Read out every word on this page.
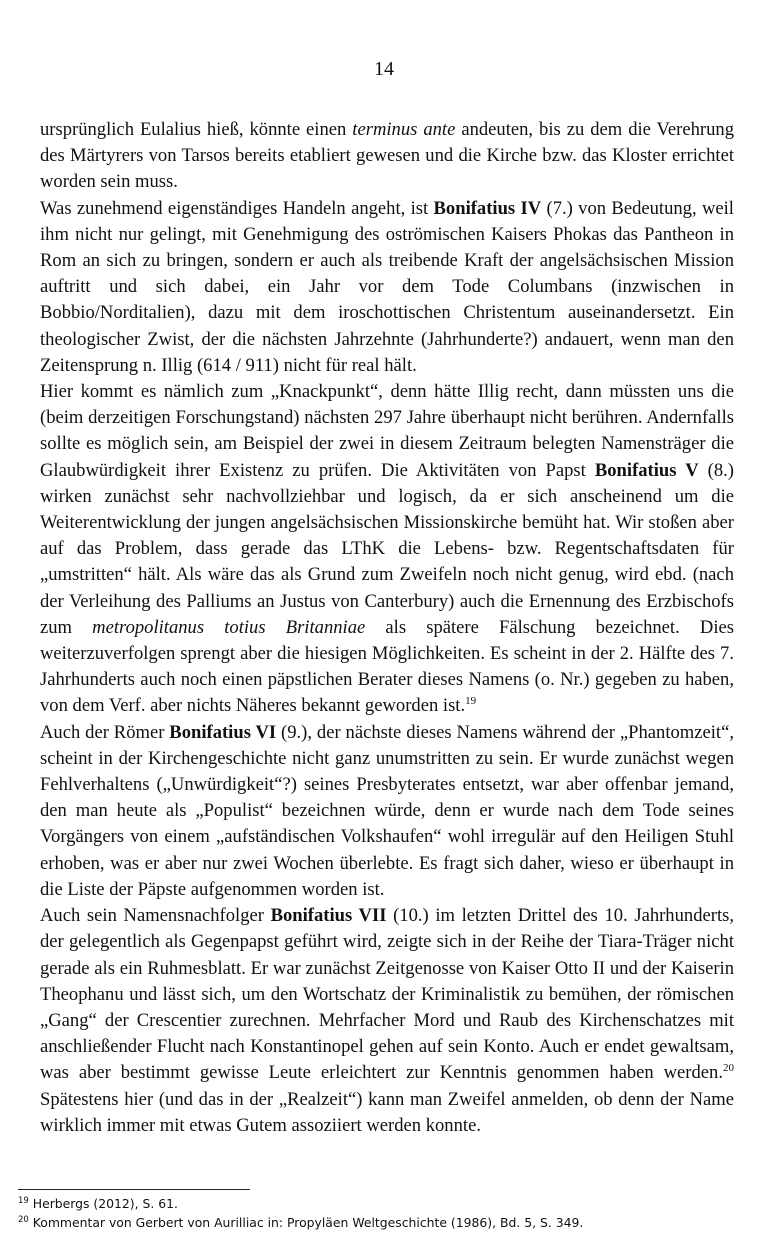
14

ursprünglich Eulalius hieß, könnte einen terminus ante andeuten, bis zu dem die Verehrung des Märtyrers von Tarsos bereits etabliert gewesen und die Kirche bzw. das Kloster errichtet worden sein muss.

Was zunehmend eigenständiges Handeln angeht, ist Bonifatius IV (7.) von Bedeutung, weil ihm nicht nur gelingt, mit Genehmigung des oströmischen Kaisers Phokas das Pantheon in Rom an sich zu bringen, sondern er auch als treibende Kraft der angelsächsischen Mission auftritt und sich dabei, ein Jahr vor dem Tode Columbans (inzwischen in Bobbio/Norditalien), dazu mit dem iroschottischen Christentum auseinandersetzt. Ein theologischer Zwist, der die nächsten Jahrzehnte (Jahrhunderte?) andauert, wenn man den Zeitensprung n. Illig (614 / 911) nicht für real hält.

Hier kommt es nämlich zum „Knackpunkt“, denn hätte Illig recht, dann müssten uns die (beim derzeitigen Forschungstand) nächsten 297 Jahre überhaupt nicht berühren. Andernfalls sollte es möglich sein, am Beispiel der zwei in diesem Zeitraum belegten Namensträger die Glaubwürdigkeit ihrer Existenz zu prüfen. Die Aktivitäten von Papst Bonifatius V (8.) wirken zunächst sehr nachvollziehbar und logisch, da er sich anscheinend um die Weiterentwicklung der jungen angelsächsischen Missionskirche bemüht hat. Wir stoßen aber auf das Problem, dass gerade das LThK die Lebens- bzw. Regentschaftsdaten für „umstritten“ hält. Als wäre das als Grund zum Zweifeln noch nicht genug, wird ebd. (nach der Verleihung des Palliums an Justus von Canterbury) auch die Ernennung des Erzbischofs zum metropolitanus totius Britanniae als spätere Fälschung bezeichnet. Dies weiterzuverfolgen sprengt aber die hiesigen Möglichkeiten. Es scheint in der 2. Hälfte des 7. Jahrhunderts auch noch einen päpstlichen Berater dieses Namens (o. Nr.) gegeben zu haben, von dem Verf. aber nichts Näheres bekannt geworden ist.$^{19}$

Auch der Römer Bonifatius VI (9.), der nächste dieses Namens während der „Phantomzeit“, scheint in der Kirchengeschichte nicht ganz unumstritten zu sein. Er wurde zunächst wegen Fehlverhaltens („Unwürdigkeit“?) seines Presbyterates entsetzt, war aber offenbar jemand, den man heute als „Populist“ bezeichnen würde, denn er wurde nach dem Tode seines Vorgängers von einem „aufständischen Volkshaufen“ wohl irregulär auf den Heiligen Stuhl erhoben, was er aber nur zwei Wochen überlebte. Es fragt sich daher, wieso er überhaupt in die Liste der Päpste aufgenommen worden ist.

Auch sein Namensnachfolger Bonifatius VII (10.) im letzten Drittel des 10. Jahrhunderts, der gelegentlich als Gegenpapst geführt wird, zeigte sich in der Reihe der Tiara-Träger nicht gerade als ein Ruhmesblatt. Er war zunächst Zeitgenosse von Kaiser Otto II und der Kaiserin Theophanu und lässt sich, um den Wortschatz der Kriminalistik zu bemühen, der römischen „Gang“ der Crescentier zurechnen. Mehrfacher Mord und Raub des Kirchenschatzes mit anschließender Flucht nach Konstantinopel gehen auf sein Konto. Auch er endet gewaltsam, was aber bestimmt gewisse Leute erleichtert zur Kenntnis genommen haben werden.$^{20}$ Spätestens hier (und das in der „Realzeit“) kann man Zweifel anmelden, ob denn der Name wirklich immer mit etwas Gutem assoziiert werden konnte.

$^{19}$ Herbergs (2012), S. 61.
$^{20}$ Kommentar von Gerbert von Aurilliac in: Propyläen Weltgeschichte (1986), Bd. 5, S. 349.
